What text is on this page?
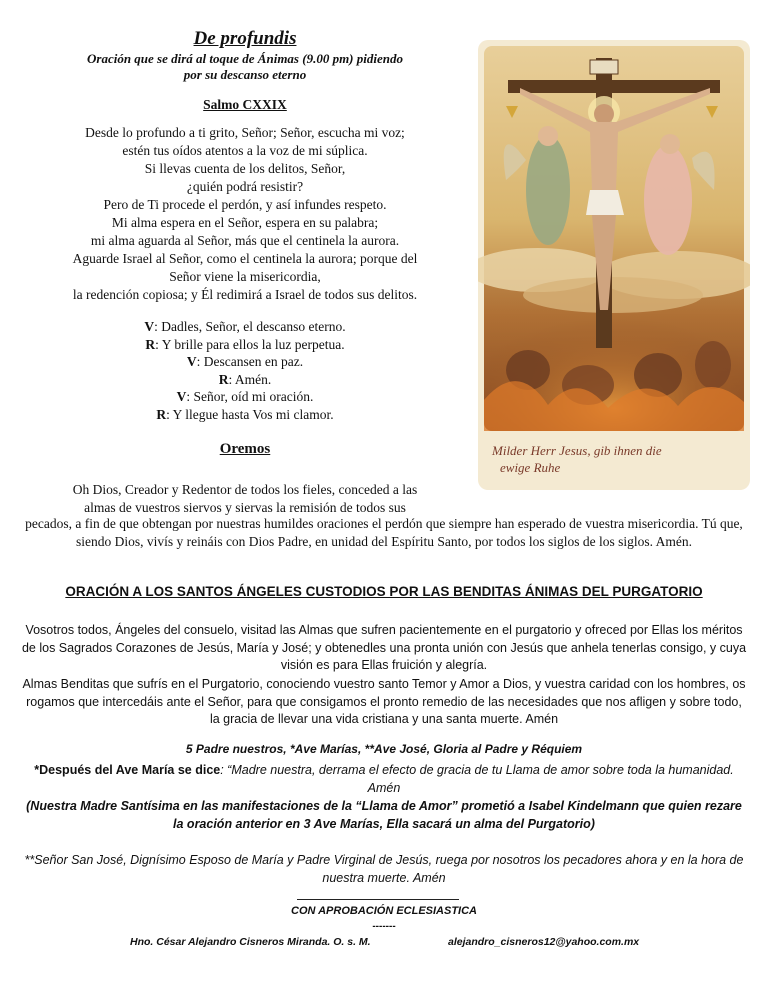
De profundis
Oración que se dirá al toque de Ánimas (9.00 pm) pidiendo
por su descanso eterno
Salmo CXXIX
Desde lo profundo a ti grito, Señor; Señor, escucha mi voz;
estén tus oídos atentos a la voz de mi súplica.
Si llevas cuenta de los delitos, Señor,
¿quién podrá resistir?
Pero de Ti procede el perdón, y así infundes respeto.
Mi alma espera en el Señor, espera en su palabra;
mi alma aguarda al Señor, más que el centinela la aurora.
Aguarde Israel al Señor, como el centinela la aurora; porque del
Señor viene la misericordia,
la redención copiosa; y Él redimirá a Israel de todos sus delitos.
V: Dadles, Señor, el descanso eterno.
R: Y brille para ellos la luz perpetua.
V: Descansen en paz.
R: Amén.
V: Señor, oíd mi oración.
R: Y llegue hasta Vos mi clamor.
Oremos
Oh Dios, Creador y Redentor de todos los fieles, conceded a las
almas de vuestros siervos y siervas la remisión de todos sus
pecados, a fin de que obtengan por nuestras humildes oraciones el perdón que siempre han esperado de vuestra misericordia. Tú que, siendo Dios, vivís y reináis con Dios Padre, en unidad del Espíritu Santo, por todos los siglos de los siglos. Amén.
Milder Herr Jesus, gib ihnen die
ewige Ruhe
ORACIÓN A LOS SANTOS ÁNGELES CUSTODIOS POR LAS BENDITAS ÁNIMAS DEL PURGATORIO
Vosotros todos, Ángeles del consuelo, visitad las Almas que sufren pacientemente en el purgatorio y ofreced por Ellas los méritos de los Sagrados Corazones de Jesús, María y José; y obtenedles una pronta unión con Jesús que anhela tenerlas consigo, y cuya visión es para Ellas fruición y alegría.
Almas Benditas que sufrís en el Purgatorio, conociendo vuestro santo Temor y Amor a Dios, y vuestra caridad con los hombres, os rogamos que intercedáis ante el Señor, para que consigamos el pronto remedio de las necesidades que nos afligen y sobre todo, la gracia de llevar una vida cristiana y una santa muerte. Amén
5 Padre nuestros, *Ave Marías, **Ave José, Gloria al Padre y Réquiem
*Después del Ave María se dice: “Madre nuestra, derrama el efecto de gracia de tu Llama de amor sobre toda la humanidad. Amén
(Nuestra Madre Santísima en las manifestaciones de la “Llama de Amor” prometió a Isabel Kindelmann que quien rezare la oración anterior en 3 Ave Marías, Ella sacará un alma del Purgatorio)
**Señor San José, Dignísimo Esposo de María y Padre Virginal de Jesús, ruega por nosotros los pecadores ahora y en la hora de nuestra muerte. Amén
CON APROBACIÓN ECLESIASTICA
-------
Hno. César Alejandro Cisneros Miranda. O. s. M.	alejandro_cisneros12@yahoo.com.mx
